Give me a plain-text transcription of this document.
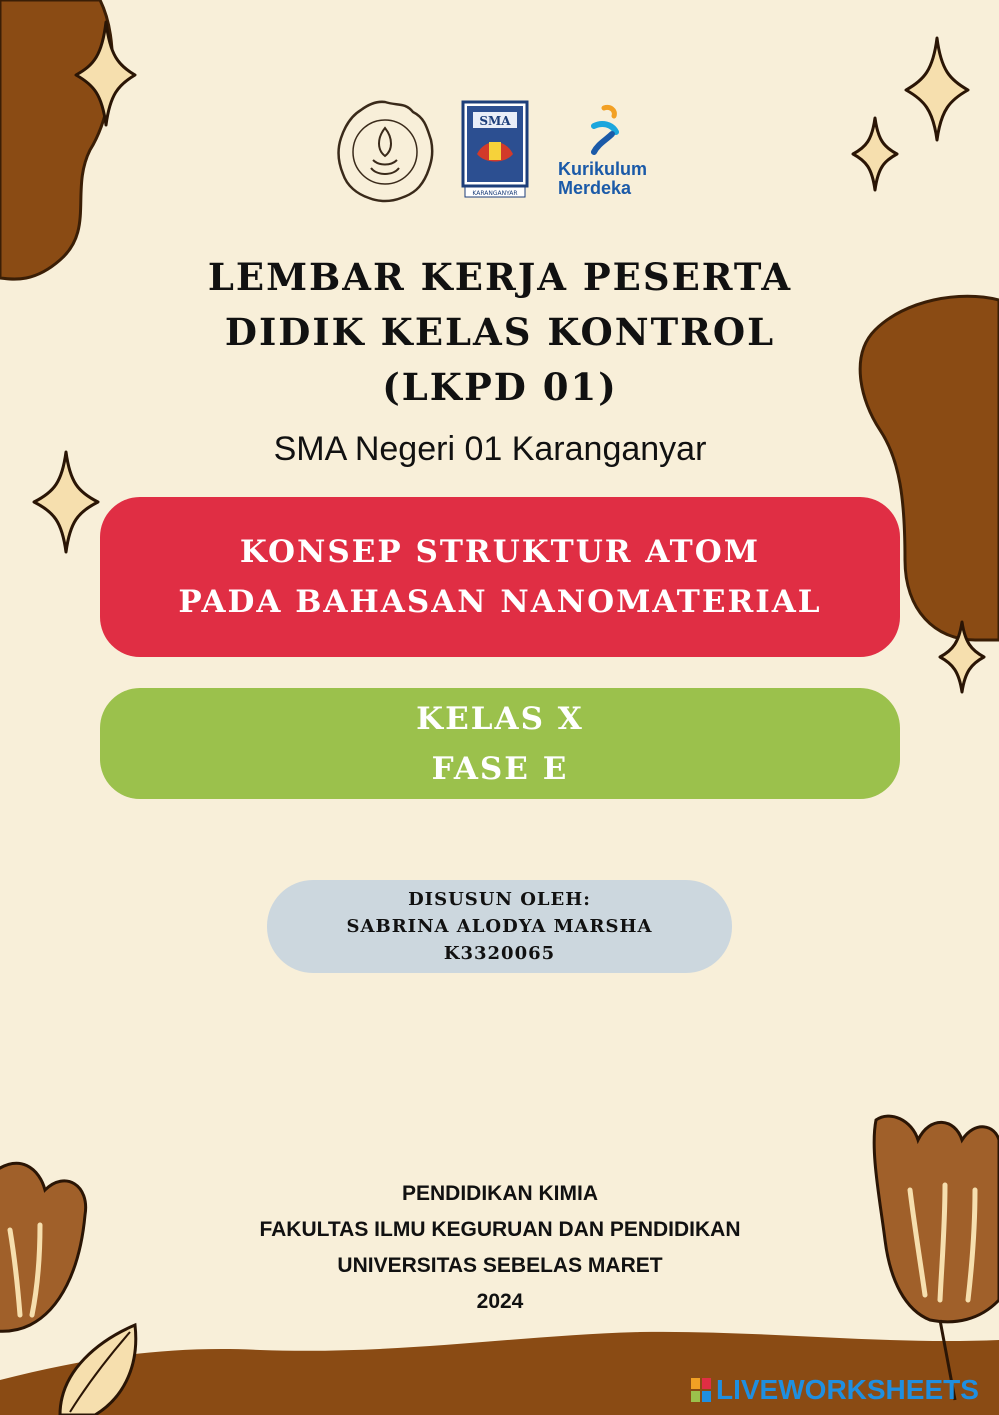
SMA
KARANGANYAR
Kurikulum
Merdeka
LEMBAR KERJA PESERTA
DIDIK KELAS KONTROL
(LKPD 01)
SMA Negeri 01 Karanganyar
KONSEP STRUKTUR ATOM
PADA BAHASAN NANOMATERIAL
KELAS X
FASE E
DISUSUN OLEH:
SABRINA ALODYA MARSHA
K3320065
PENDIDIKAN KIMIA
FAKULTAS ILMU KEGURUAN DAN PENDIDIKAN
UNIVERSITAS SEBELAS MARET
2024
LIVEWORKSHEETS
